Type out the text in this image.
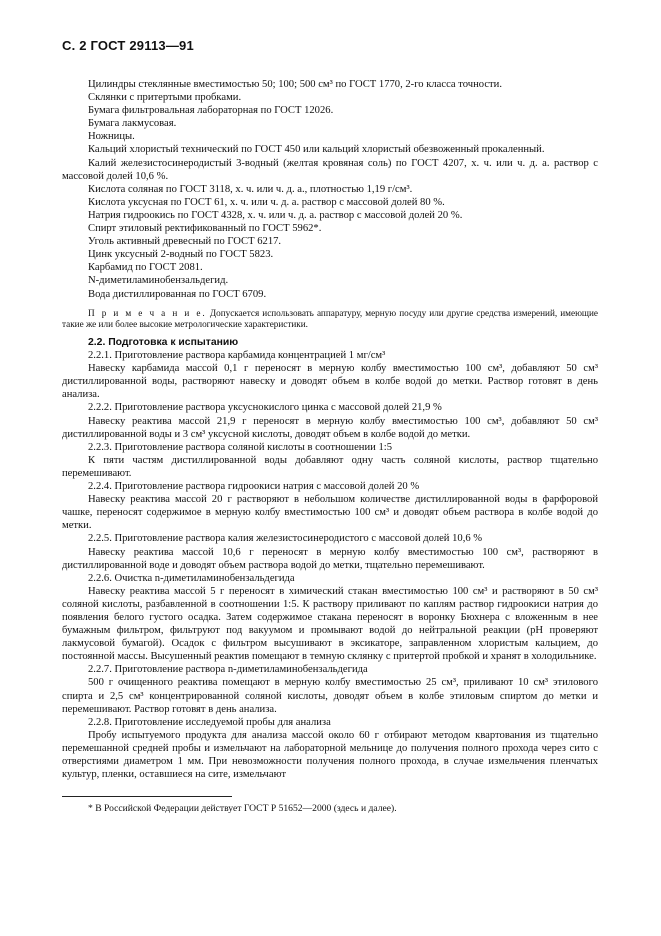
С. 2 ГОСТ 29113—91

Цилиндры стеклянные вместимостью 50; 100; 500 см³ по ГОСТ 1770, 2-го класса точности.

Склянки с притертыми пробками.

Бумага фильтровальная лабораторная по ГОСТ 12026.

Бумага лакмусовая.

Ножницы.

Кальций хлористый технический по ГОСТ 450 или кальций хлористый обезвоженный прокаленный.

Калий железистосинеродистый 3-водный (желтая кровяная соль) по ГОСТ 4207, х. ч. или ч. д. а. раствор с массовой долей 10,6 %.

Кислота соляная по ГОСТ 3118, х. ч. или ч. д. а., плотностью 1,19 г/см³.

Кислота уксусная по ГОСТ 61, х. ч. или ч. д. а. раствор с массовой долей 80 %.

Натрия гидроокись по ГОСТ 4328, х. ч. или ч. д. а. раствор с массовой долей 20 %.

Спирт этиловый ректификованный по ГОСТ 5962*.

Уголь активный древесный по ГОСТ 6217.

Цинк уксусный 2-водный по ГОСТ 5823.

Карбамид по ГОСТ 2081.

N-диметиламинобензальдегид.

Вода дистиллированная по ГОСТ 6709.

П р и м е ч а н и е. Допускается использовать аппаратуру, мерную посуду или другие средства измерений, имеющие такие же или более высокие метрологические характеристики.

2.2. Подготовка к испытанию

2.2.1. Приготовление раствора карбамида концентрацией 1 мг/см³

Навеску карбамида массой 0,1 г переносят в мерную колбу вместимостью 100 см³, добавляют 50 см³ дистиллированной воды, растворяют навеску и доводят объем в колбе водой до метки. Раствор готовят в день анализа.

2.2.2. Приготовление раствора уксуснокислого цинка с массовой долей 21,9 %

Навеску реактива массой 21,9 г переносят в мерную колбу вместимостью 100 см³, добавляют 50 см³ дистиллированной воды и 3 см³ уксусной кислоты, доводят объем в колбе водой до метки.

2.2.3. Приготовление раствора соляной кислоты в соотношении 1:5

К пяти частям дистиллированной воды добавляют одну часть соляной кислоты, раствор тщательно перемешивают.

2.2.4. Приготовление раствора гидроокиси натрия с массовой долей 20 %

Навеску реактива массой 20 г растворяют в небольшом количестве дистиллированной воды в фарфоровой чашке, переносят содержимое в мерную колбу вместимостью 100 см³ и доводят объем раствора в колбе водой до метки.

2.2.5. Приготовление раствора калия железистосинеродистого с массовой долей 10,6 %

Навеску реактива массой 10,6 г переносят в мерную колбу вместимостью 100 см³, растворяют в дистиллированной воде и доводят объем раствора водой до метки, тщательно перемешивают.

2.2.6. Очистка n-диметиламинобензальдегида

Навеску реактива массой 5 г переносят в химический стакан вместимостью 100 см³ и растворяют в 50 см³ соляной кислоты, разбавленной в соотношении 1:5. К раствору приливают по каплям раствор гидроокиси натрия до появления белого густого осадка. Затем содержимое стакана переносят в воронку Бюхнера с вложенным в нее бумажным фильтром, фильтруют под вакуумом и промывают водой до нейтральной реакции (pH проверяют лакмусовой бумагой). Осадок с фильтром высушивают в эксикаторе, заправленном хлористым кальцием, до постоянной массы. Высушенный реактив помещают в темную склянку с притертой пробкой и хранят в холодильнике.

2.2.7. Приготовление раствора n-диметиламинобензальдегида

500 г очищенного реактива помещают в мерную колбу вместимостью 25 см³, приливают 10 см³ этилового спирта и 2,5 см³ концентрированной соляной кислоты, доводят объем в колбе этиловым спиртом до метки и перемешивают. Раствор готовят в день анализа.

2.2.8. Приготовление исследуемой пробы для анализа

Пробу испытуемого продукта для анализа массой около 60 г отбирают методом квартования из тщательно перемешанной средней пробы и измельчают на лабораторной мельнице до получения полного прохода через сито с отверстиями диаметром 1 мм. При невозможности получения полного прохода, в случае измельчения пленчатых культур, пленки, оставшиеся на сите, измельчают

* В Российской Федерации действует ГОСТ Р 51652—2000 (здесь и далее).
